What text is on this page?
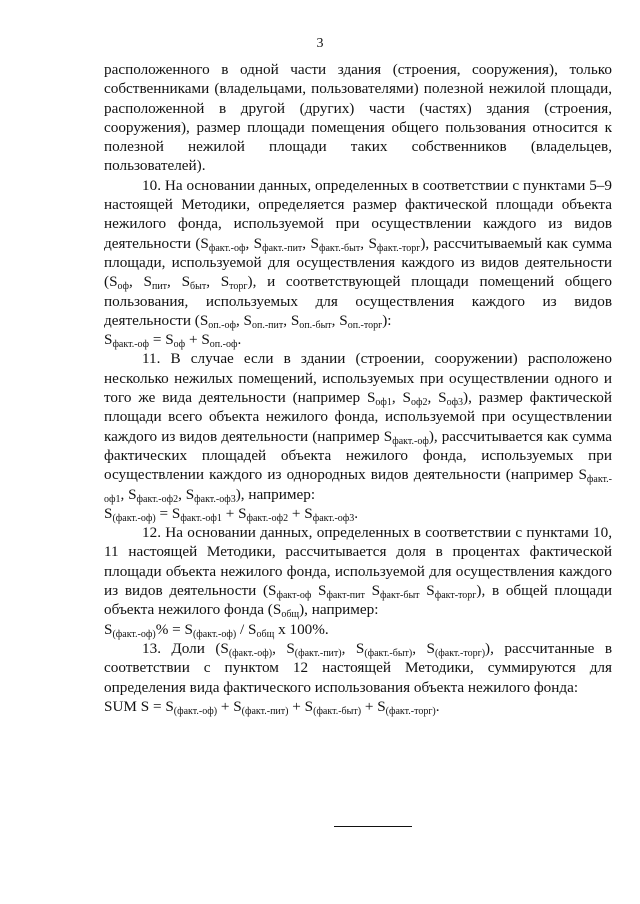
3

расположенного в одной части здания (строения, сооружения), только собственниками (владельцами, пользователями) полезной нежилой площади, расположенной в другой (других) части (частях) здания (строения, сооружения), размер площади помещения общего пользования относится к полезной нежилой площади таких собственников (владельцев, пользователей).

10. На основании данных, определенных в соответствии с пунктами 5–9 настоящей Методики, определяется размер фактической площади объекта нежилого фонда, используемой при осуществлении каждого из видов деятельности ($S_{факт.-оф}$, $S_{факт.-пит}$, $S_{факт.-быт}$, $S_{факт.-торг}$), рассчитываемый как сумма площади, используемой для осуществления каждого из видов деятельности ($S_{оф}$, $S_{пит}$, $S_{быт}$, $S_{торг}$), и соответствующей площади помещений общего пользования, используемых для осуществления каждого из видов деятельности ($S_{оп.-оф}$, $S_{оп.-пит}$, $S_{оп.-быт}$, $S_{оп.-торг}$):

$S_{факт.-оф} = S_{оф} + S_{оп.-оф}$.

11. В случае если в здании (строении, сооружении) расположено несколько нежилых помещений, используемых при осуществлении одного и того же вида деятельности (например $S_{оф1}$, $S_{оф2}$, $S_{оф3}$), размер фактической площади всего объекта нежилого фонда, используемой при осуществлении каждого из видов деятельности (например $S_{факт.-оф}$), рассчитывается как сумма фактических площадей объекта нежилого фонда, используемых при осуществлении каждого из однородных видов деятельности (например $S_{факт.-оф1}$, $S_{факт.-оф2}$, $S_{факт.-оф3}$), например:

$S_{(факт.-оф)} = S_{факт.-оф1} + S_{факт.-оф2} + S_{факт.-оф3}$.

12. На основании данных, определенных в соответствии с пунктами 10, 11 настоящей Методики, рассчитывается доля в процентах фактической площади объекта нежилого фонда, используемой для осуществления каждого из видов деятельности ($S_{факт-оф}$ $S_{факт-пит}$ $S_{факт-быт}$ $S_{факт-торг}$), в общей площади объекта нежилого фонда $(S_{общ})$, например:

$S_{(факт.-оф)}\% = S_{(факт.-оф)} / S_{общ}$ x 100%.

13. Доли ($S_{(факт.-оф)}$, $S_{(факт.-пит)}$, $S_{(факт.-быт)}$, $S_{(факт.-торг)}$), рассчитанные в соответствии с пунктом 12 настоящей Методики, суммируются для определения вида фактического использования объекта нежилого фонда:

SUM $S = S_{(факт.-оф)} + S_{(факт.-пит)} + S_{(факт.-быт)} + S_{(факт.-торг)}$.
